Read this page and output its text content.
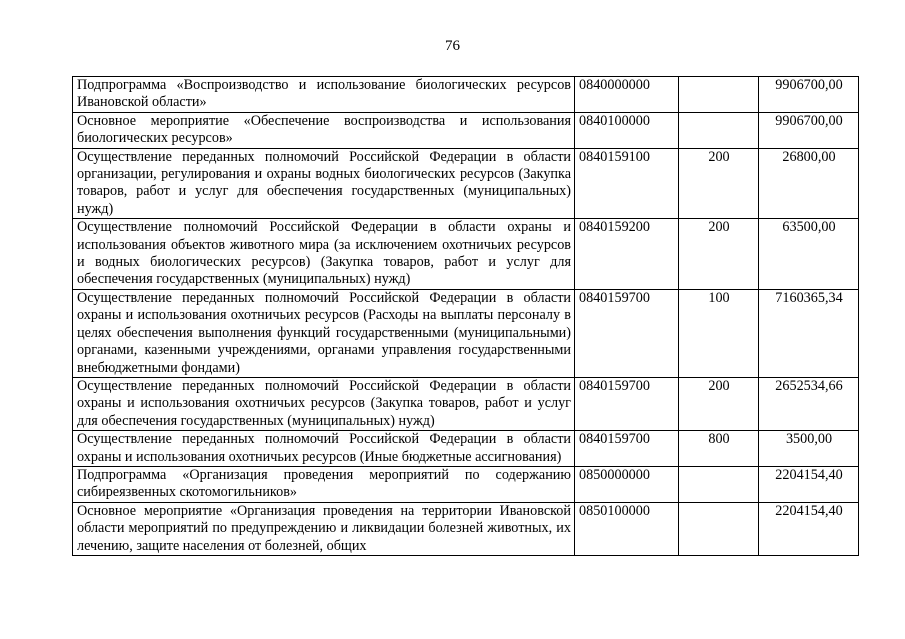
76
Подпрограмма «Воспроизводство и использование биологических ресурсов Ивановской области»	0840000000		9906700,00
Основное мероприятие «Обеспечение воспроизводства и использования биологических ресурсов»	0840100000		9906700,00
Осуществление переданных полномочий Российской Федерации в области организации, регулирования и охраны водных биологических ресурсов (Закупка товаров, работ и услуг для обеспечения государственных (муниципальных) нужд)	0840159100	200	26800,00
Осуществление полномочий Российской Федерации в области охраны и использования объектов животного мира (за исключением охотничьих ресурсов и водных биологических ресурсов) (Закупка товаров, работ и услуг для обеспечения государственных (муниципальных) нужд)	0840159200	200	63500,00
Осуществление переданных полномочий Российской Федерации в области охраны и использования охотничьих ресурсов (Расходы на выплаты персоналу в целях обеспечения выполнения функций государственными (муниципальными) органами, казенными учреждениями, органами управления государственными внебюджетными фондами)	0840159700	100	7160365,34
Осуществление переданных полномочий Российской Федерации в области охраны и использования охотничьих ресурсов (Закупка товаров, работ и услуг для обеспечения государственных (муниципальных) нужд)	0840159700	200	2652534,66
Осуществление переданных полномочий Российской Федерации в области охраны и использования охотничьих ресурсов (Иные бюджетные ассигнования)	0840159700	800	3500,00
Подпрограмма «Организация проведения мероприятий по содержанию сибиреязвенных скотомогильников»	0850000000		2204154,40
Основное мероприятие «Организация проведения на территории Ивановской области мероприятий по предупреждению и ликвидации болезней животных, их лечению, защите населения от болезней, общих	0850100000		2204154,40
